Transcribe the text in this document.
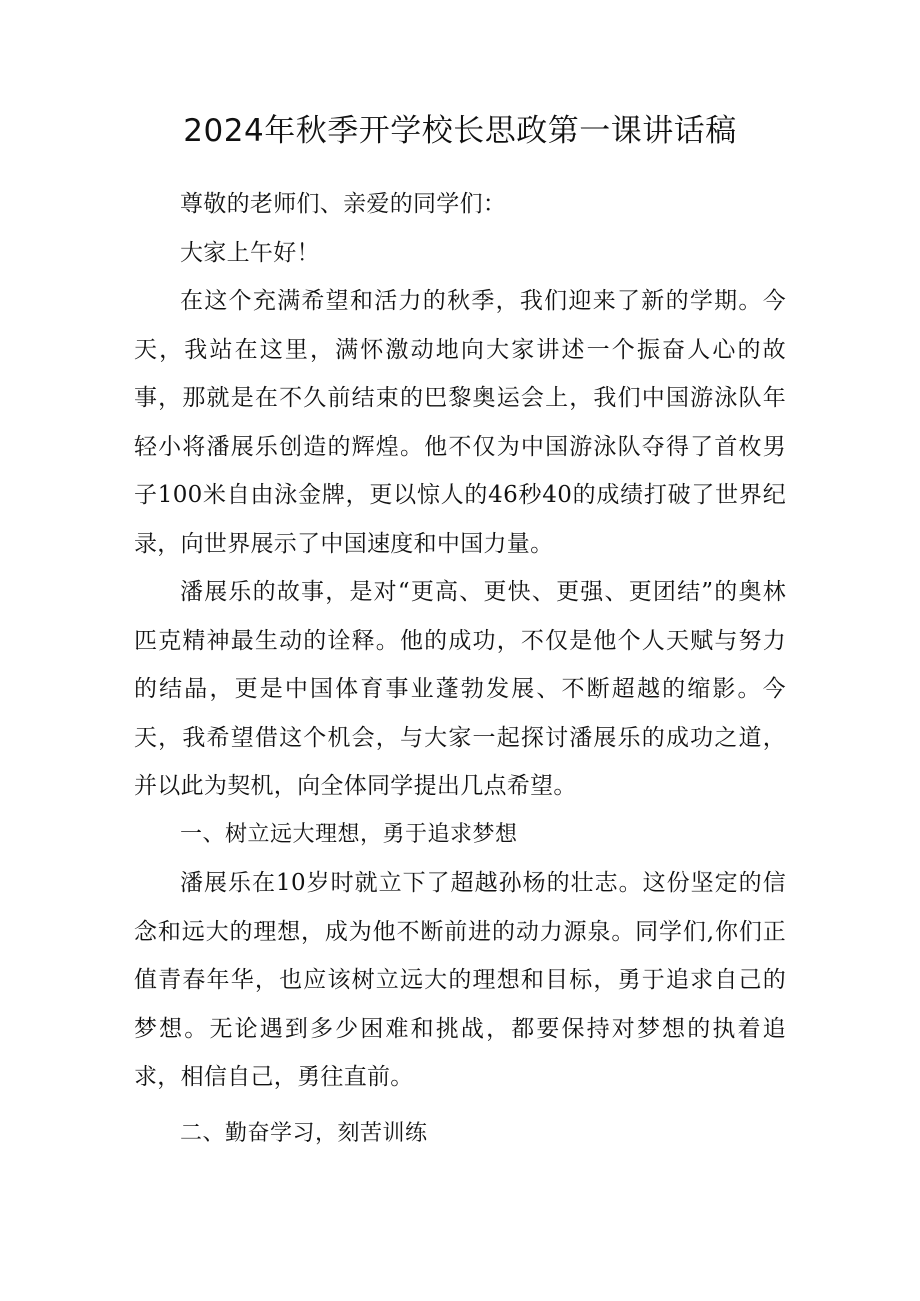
2024年秋季开学校长思政第一课讲话稿

尊敬的老师们、亲爱的同学们：

大家上午好！

在这个充满希望和活力的秋季，我们迎来了新的学期。今天，我站在这里，满怀激动地向大家讲述一个振奋人心的故事，那就是在不久前结束的巴黎奥运会上，我们中国游泳队年轻小将潘展乐创造的辉煌。他不仅为中国游泳队夺得了首枚男子100米自由泳金牌，更以惊人的46秒40的成绩打破了世界纪录，向世界展示了中国速度和中国力量。

潘展乐的故事，是对“更高、更快、更强、更团结”的奥林匹克精神最生动的诠释。他的成功，不仅是他个人天赋与努力的结晶，更是中国体育事业蓬勃发展、不断超越的缩影。今天，我希望借这个机会，与大家一起探讨潘展乐的成功之道，并以此为契机，向全体同学提出几点希望。

一、树立远大理想，勇于追求梦想

潘展乐在10岁时就立下了超越孙杨的壮志。这份坚定的信念和远大的理想，成为他不断前进的动力源泉。同学们,你们正值青春年华，也应该树立远大的理想和目标，勇于追求自己的梦想。无论遇到多少困难和挑战，都要保持对梦想的执着追求，相信自己，勇往直前。

二、勤奋学习，刻苦训练
